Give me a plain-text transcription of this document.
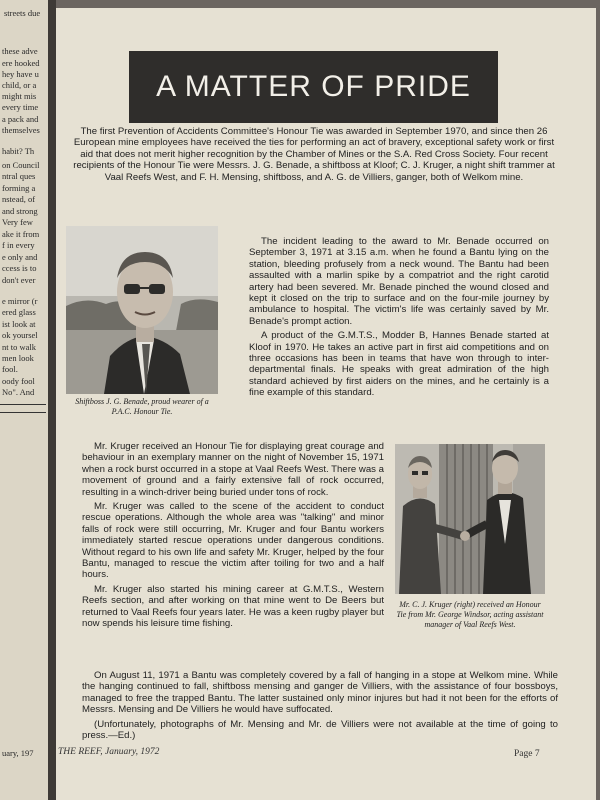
streets due
these adve
ere hooked
hey have u
child, or a
might mis
every time
a pack and
themselves
habit? Th
on Council
ntral ques
forming a
nstead, of
and strong
Very few
ake it from
f in every
e only and
ccess is to
don't ever
e mirror (r
ered glass
ist look at
ok yoursel
nt to walk
men look
fool.
oody fool
No". And
uary, 197
A MATTER OF PRIDE

The first Prevention of Accidents Committee's Honour Tie was awarded in September 1970, and since then 26 European mine employees have received the ties for performing an act of bravery, exceptional safety work or first aid that does not merit higher recognition by the Chamber of Mines or the S.A. Red Cross Society. Four recent recipients of the Honour Tie were Messrs. J. G. Benade, a shiftboss at Kloof; C. J. Kruger, a night shift trammer at Vaal Reefs West, and F. H. Mensing, shiftboss, and A. G. de Villiers, ganger, both of Welkom mine.

Shiftboss J. G. Benade, proud wearer of a P.A.C. Honour Tie.

The incident leading to the award to Mr. Benade occurred on September 3, 1971 at 3.15 a.m. when he found a Bantu lying on the station, bleeding profusely from a neck wound. The Bantu had been assaulted with a marlin spike by a compatriot and the right carotid artery had been severed. Mr. Benade pinched the wound closed and kept it closed on the trip to surface and on the four-mile journey by ambulance to hospital. The victim's life was certainly saved by Mr. Benade's prompt action.

A product of the G.M.T.S., Modder B, Hannes Benade started at Kloof in 1970. He takes an active part in first aid competitions and on three occasions has been in teams that have won through to inter-departmental finals. He speaks with great admiration of the high standard achieved by first aiders on the mines, and he certainly is a fine example of this standard.

Mr. Kruger received an Honour Tie for displaying great courage and behaviour in an exemplary manner on the night of November 15, 1971 when a rock burst occurred in a stope at Vaal Reefs West. There was a movement of ground and a fairly extensive fall of rock occurred, resulting in a winch-driver being buried under tons of rock.

Mr. Kruger was called to the scene of the accident to conduct rescue operations. Although the whole area was "talking" and minor falls of rock were still occurring, Mr. Kruger and four Bantu workers immediately started rescue operations under dangerous conditions. Without regard to his own life and safety Mr. Kruger, helped by the four Bantu, managed to rescue the victim after toiling for two and a half hours.

Mr. Kruger also started his mining career at G.M.T.S., Western Reefs section, and after working on that mine went to De Beers but returned to Vaal Reefs four years later. He was a keen rugby player but now spends his leisure time fishing.

Mr. C. J. Kruger (right) received an Honour Tie from Mr. George Windsor, acting assistant manager of Vaal Reefs West.

On August 11, 1971 a Bantu was completely covered by a fall of hanging in a stope at Welkom mine. While the hanging continued to fall, shiftboss mensing and ganger de Villiers, with the assistance of four bossboys, managed to free the trapped Bantu. The latter sustained only minor injures but had it not been for the efforts of Messrs. Mensing and De Villiers he would have suffocated.

(Unfortunately, photographs of Mr. Mensing and Mr. de Villiers were not available at the time of going to press.—Ed.)

THE REEF, January, 1972	Page 7
